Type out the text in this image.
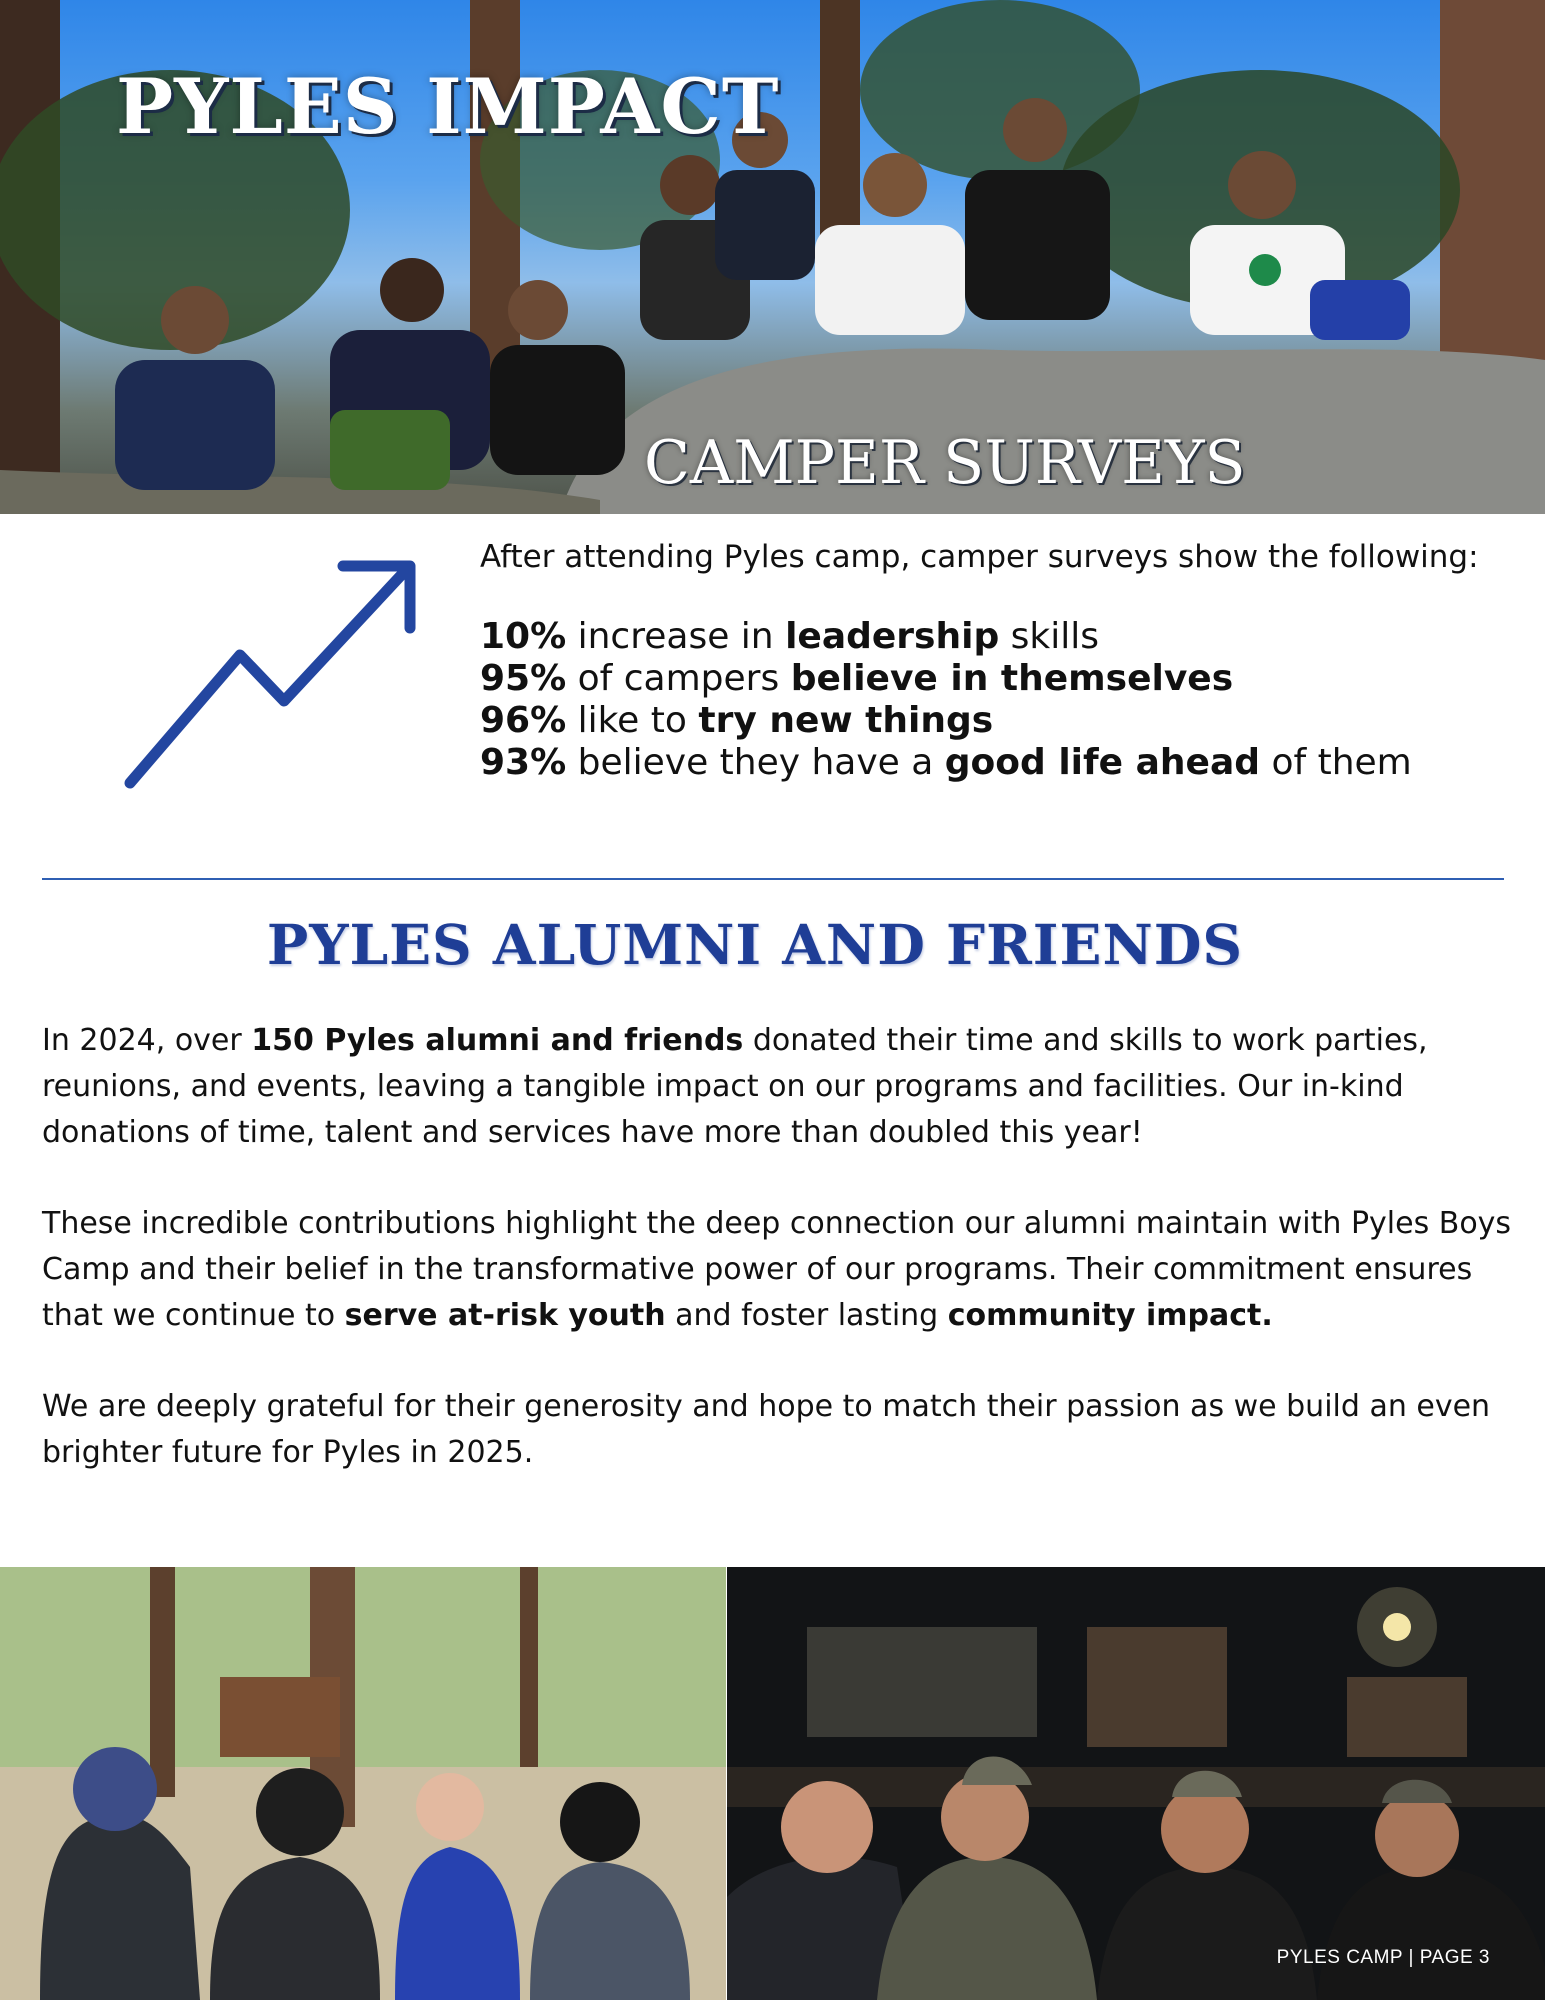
PYLES IMPACT
CAMPER SURVEYS
After attending Pyles camp, camper surveys show the following:
10% increase in leadership skills
95% of campers believe in themselves
96% like to try new things
93% believe they have a good life ahead of them
PYLES ALUMNI AND FRIENDS

In 2024, over 150 Pyles alumni and friends donated their time and skills to work parties, reunions, and events, leaving a tangible impact on our programs and facilities. Our in-kind donations of time, talent and services have more than doubled this year!

These incredible contributions highlight the deep connection our alumni maintain with Pyles Boys Camp and their belief in the transformative power of our programs. Their commitment ensures that we continue to serve at-risk youth and foster lasting community impact.

We are deeply grateful for their generosity and hope to match their passion as we build an even brighter future for Pyles in 2025.

PYLES CAMP | PAGE 3
